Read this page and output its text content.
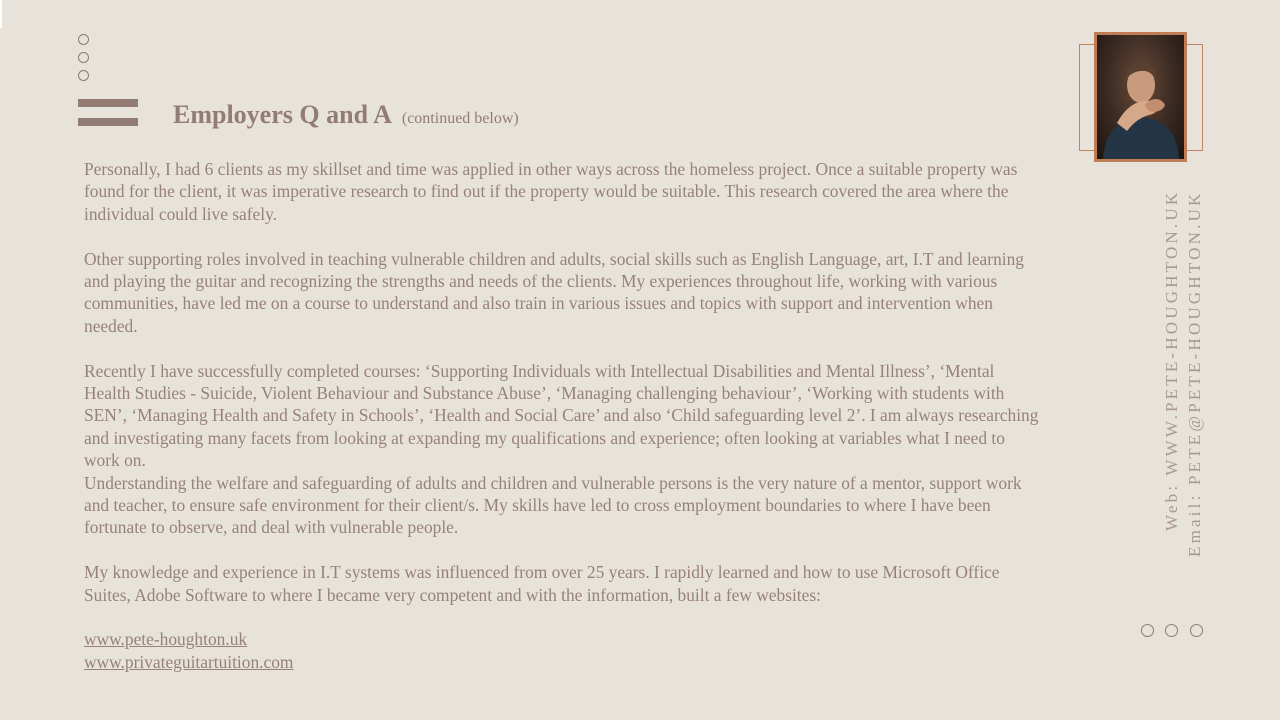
Employers Q and A (continued below)

Personally, I had 6 clients as my skillset and time was applied in other ways across the homeless project. Once a suitable property was found for the client, it was imperative research to find out if the property would be suitable. This research covered the area where the individual could live safely.

Other supporting roles involved in teaching vulnerable children and adults, social skills such as English Language, art, I.T and learning and playing the guitar and recognizing the strengths and needs of the clients. My experiences throughout life, working with various communities, have led me on a course to understand and also train in various issues and topics with support and intervention when needed.

Recently I have successfully completed courses: ‘Supporting Individuals with Intellectual Disabilities and Mental Illness’, ‘Mental Health Studies - Suicide, Violent Behaviour and Substance Abuse’, ‘Managing challenging behaviour’, ‘Working with students with SEN’, ‘Managing Health and Safety in Schools’, ‘Health and Social Care’ and also ‘Child safeguarding level 2’. I am always researching and investigating many facets from looking at expanding my qualifications and experience; often looking at variables what I need to work on.

Understanding the welfare and safeguarding of adults and children and vulnerable persons is the very nature of a mentor, support work and teacher, to ensure safe environment for their client/s. My skills have led to cross employment boundaries to where I have been fortunate to observe, and deal with vulnerable people.

My knowledge and experience in I.T systems was influenced from over 25 years. I rapidly learned and how to use Microsoft Office Suites, Adobe Software to where I became very competent and with the information, built a few websites:

www.pete-houghton.uk
www.privateguitartuition.com
Web: WWW.PETE-HOUGHTON.UK Email: PETE@PETE-HOUGHTON.UK
